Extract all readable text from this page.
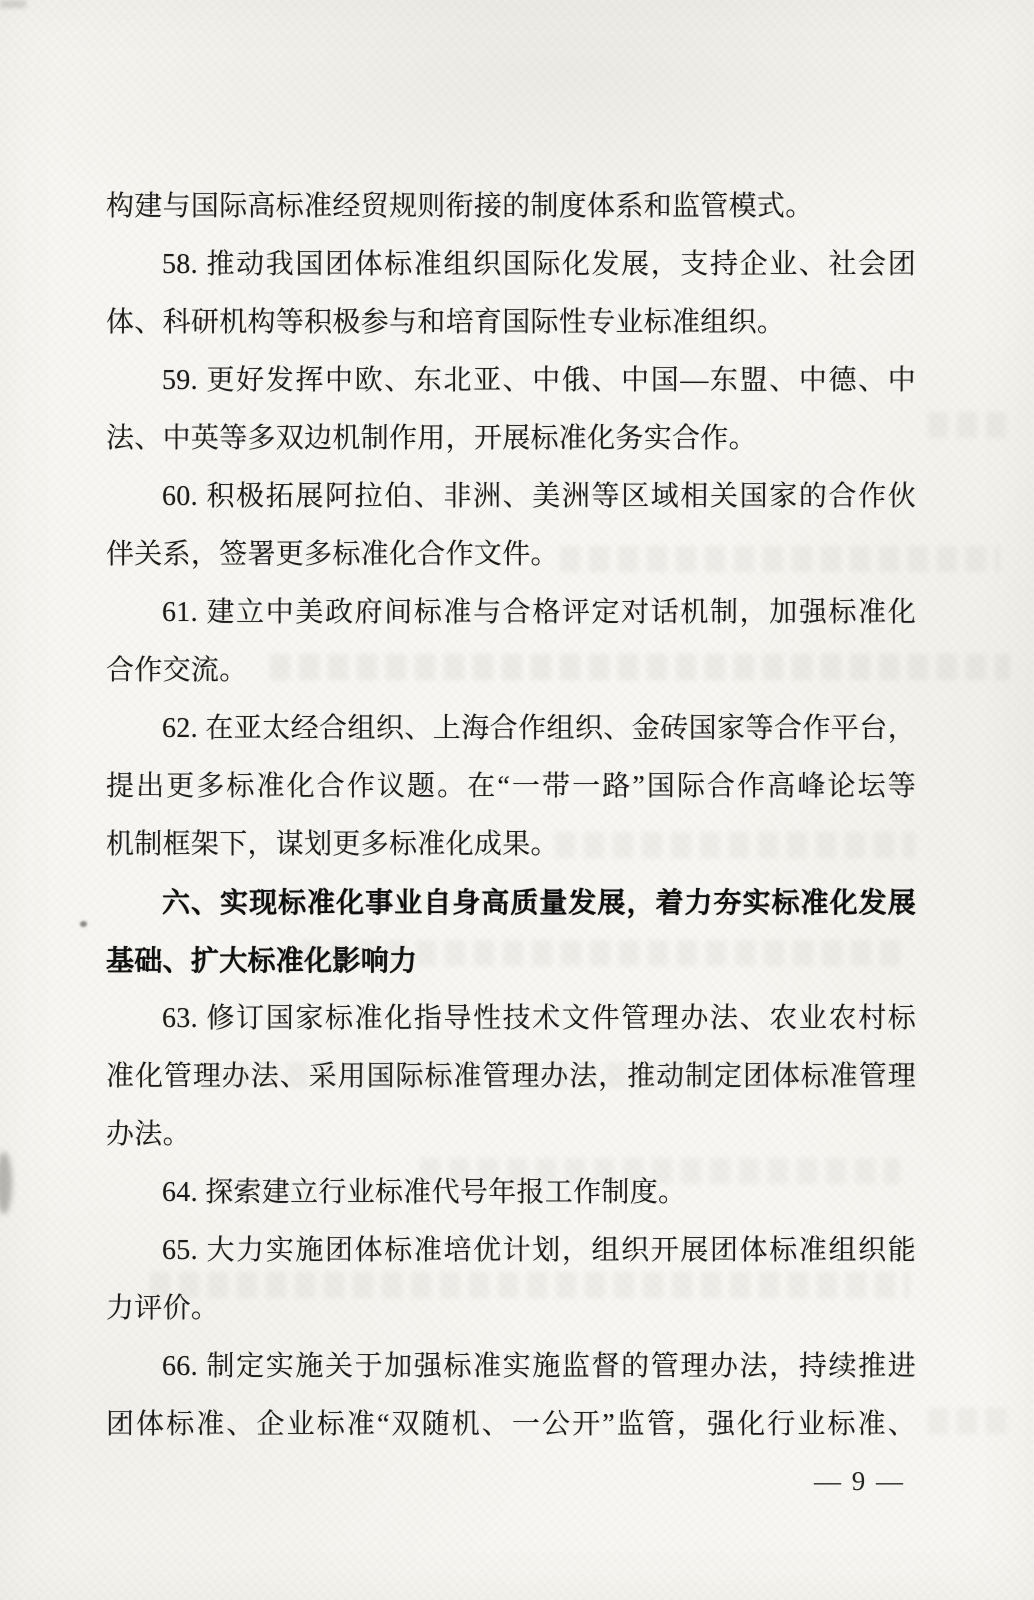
构建与国际高标准经贸规则衔接的制度体系和监管模式。
58. 推动我国团体标准组织国际化发展，支持企业、社会团
体、科研机构等积极参与和培育国际性专业标准组织。
59. 更好发挥中欧、东北亚、中俄、中国—东盟、中德、中
法、中英等多双边机制作用，开展标准化务实合作。
60. 积极拓展阿拉伯、非洲、美洲等区域相关国家的合作伙
伴关系，签署更多标准化合作文件。
61. 建立中美政府间标准与合格评定对话机制，加强标准化
合作交流。
62. 在亚太经合组织、上海合作组织、金砖国家等合作平台，
提出更多标准化合作议题。在“一带一路”国际合作高峰论坛等
机制框架下，谋划更多标准化成果。
六、实现标准化事业自身高质量发展，着力夯实标准化发展
基础、扩大标准化影响力
63. 修订国家标准化指导性技术文件管理办法、农业农村标
准化管理办法、采用国际标准管理办法，推动制定团体标准管理
办法。
64. 探索建立行业标准代号年报工作制度。
65. 大力实施团体标准培优计划，组织开展团体标准组织能
力评价。
66. 制定实施关于加强标准实施监督的管理办法，持续推进
团体标准、企业标准“双随机、一公开”监管，强化行业标准、
— 9 —
